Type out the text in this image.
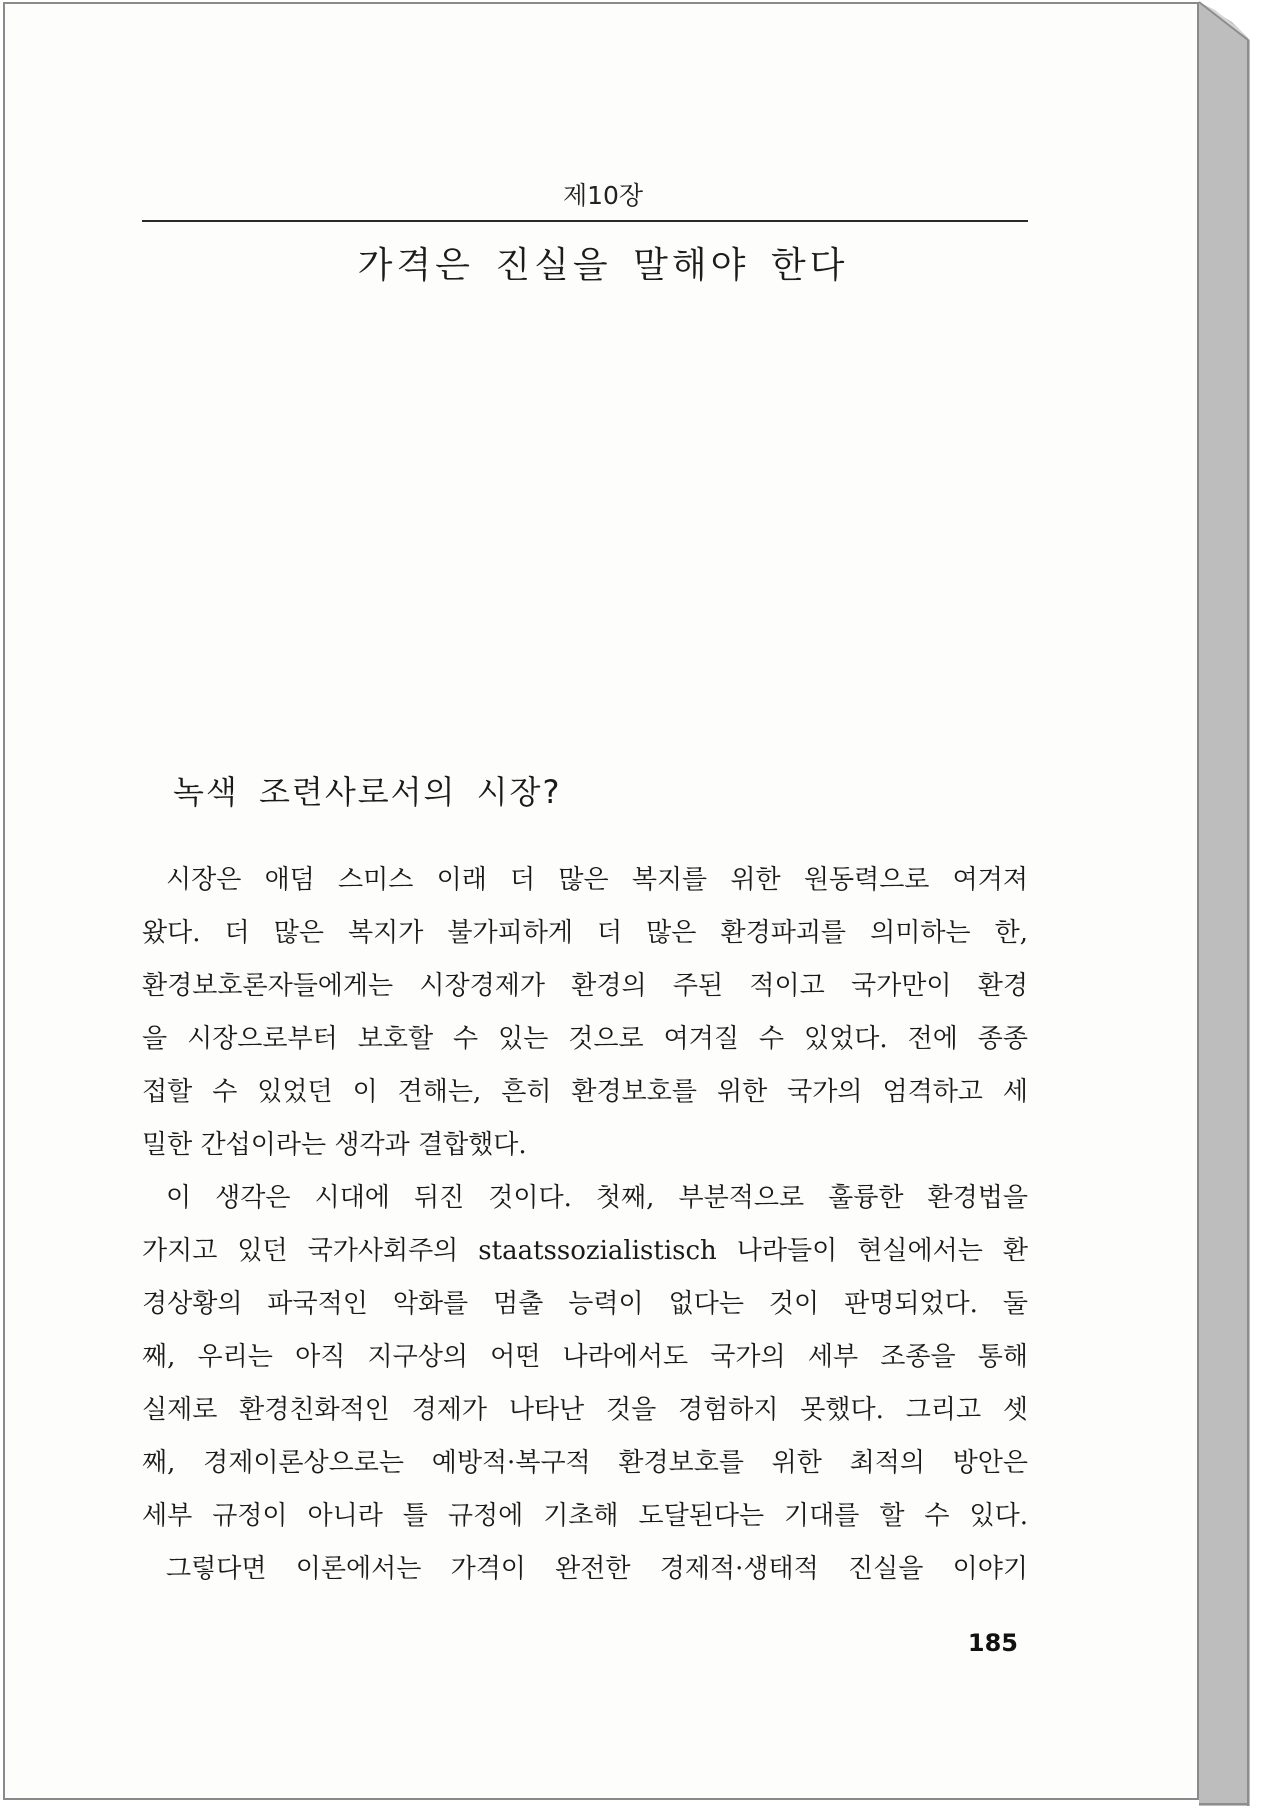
제10장
가격은 진실을 말해야 한다
녹색 조련사로서의 시장?
시장은 애덤 스미스 이래 더 많은 복지를 위한 원동력으로 여겨져
왔다. 더 많은 복지가 불가피하게 더 많은 환경파괴를 의미하는 한,
환경보호론자들에게는 시장경제가 환경의 주된 적이고 국가만이 환경
을 시장으로부터 보호할 수 있는 것으로 여겨질 수 있었다. 전에 종종
접할 수 있었던 이 견해는, 흔히 환경보호를 위한 국가의 엄격하고 세
밀한 간섭이라는 생각과 결합했다.
이 생각은 시대에 뒤진 것이다. 첫째, 부분적으로 훌륭한 환경법을
가지고 있던 국가사회주의 staatssozialistisch 나라들이 현실에서는 환
경상황의 파국적인 악화를 멈출 능력이 없다는 것이 판명되었다. 둘
째, 우리는 아직 지구상의 어떤 나라에서도 국가의 세부 조종을 통해
실제로 환경친화적인 경제가 나타난 것을 경험하지 못했다. 그리고 셋
째, 경제이론상으로는 예방적·복구적 환경보호를 위한 최적의 방안은
세부 규정이 아니라 틀 규정에 기초해 도달된다는 기대를 할 수 있다.
그렇다면 이론에서는 가격이 완전한 경제적·생태적 진실을 이야기
185
